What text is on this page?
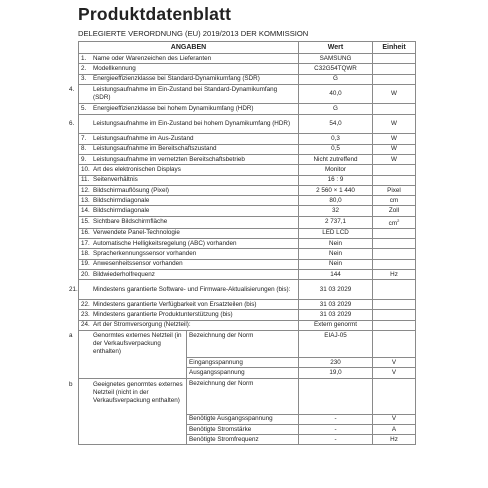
Produktdatenblatt
DELEGIERTE VERORDNUNG (EU) 2019/2013 DER KOMMISSION
ANGABEN	Wert	Einheit
1. Name oder Warenzeichen des Lieferanten	SAMSUNG	
2. Modellkennung	C32G54TQWR	
3. Energieeffizienzklasse bei Standard-Dynamikumfang (SDR)	G	

4. Leistungsaufnahme im Ein-Zustand bei Standard-Dynamikumfang (SDR)	40,0	W
5. Energieeffizienzklasse bei hohem Dynamikumfang (HDR)	G	

6. Leistungsaufnahme im Ein-Zustand bei hohem Dynamikumfang (HDR)	54,0	W
7. Leistungsaufnahme im Aus-Zustand	0,3	W
8. Leistungsaufnahme im Bereitschaftszustand	0,5	W
9. Leistungsaufnahme im vernetzten Bereitschaftsbetrieb	Nicht zutreffend	W
10. Art des elektronischen Displays	Monitor	
11. Seitenverhältnis	16 : 9	
12. Bildschirmauflösung (Pixel)	2 560 × 1 440	Pixel
13. Bildschirmdiagonale	80,0	cm
14. Bildschirmdiagonale	32	Zoll
15. Sichtbare Bildschirmfläche	2 737,1	$cm^2$
16. Verwendete Panel-Technologie	LED LCD	
17. Automatische Helligkeitsregelung (ABC) vorhanden	Nein	
18. Spracherkennungssensor vorhanden	Nein	
19. Anwesenheitssensor vorhanden	Nein	
20. Bildwiederholfrequenz	144	Hz

21. Mindestens garantierte Software- und Firmware-Aktualisierungen (bis):	31 03 2029	
22. Mindestens garantierte Verfügbarkeit von Ersatzteilen (bis)	31 03 2029	
23. Mindestens garantierte Produktunterstützung (bis)	31 03 2029	
24. Art der Stromversorgung (Netzteil):	Extern genormt	
a Genormtes externes Netzteil (in der Verkaufsverpackung enthalten)	Bezeichnung der Norm	EIAJ-05	
	Eingangsspannung	230	V
	Ausgangsspannung	19,0	V

b Geeignetes genormtes externes Netzteil (nicht in der Verkaufsverpackung enthalten)	Bezeichnung der Norm		
	Benötigte Ausgangsspannung	-	V
	Benötigte Stromstärke	-	A
	Benötigte Stromfrequenz	-	Hz
